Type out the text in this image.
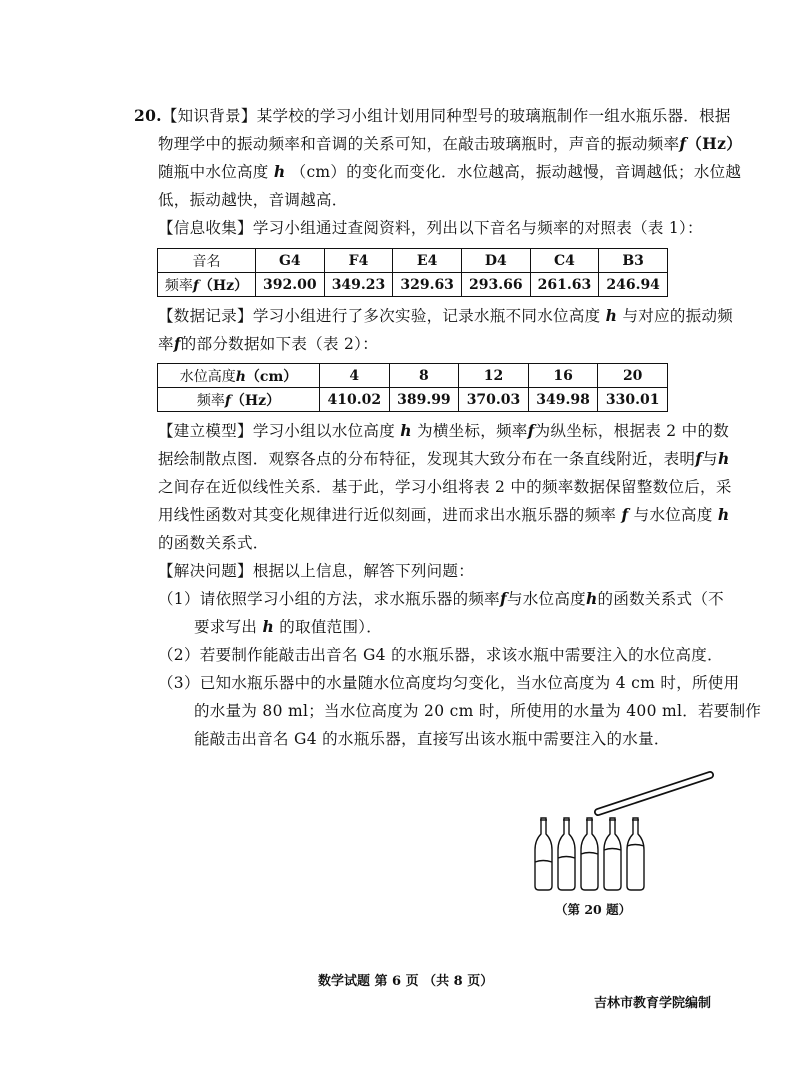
20.【知识背景】某学校的学习小组计划用同种型号的玻璃瓶制作一组水瓶乐器．根据
物理学中的振动频率和音调的关系可知，在敲击玻璃瓶时，声音的振动频率f（Hz）
随瓶中水位高度 h （cm）的变化而变化．水位越高，振动越慢，音调越低；水位越
低，振动越快，音调越高．
【信息收集】学习小组通过查阅资料，列出以下音名与频率的对照表（表 1）：
音名	G4	F4	E4	D4	C4	B3
频率f（Hz）	392.00	349.23	329.63	293.66	261.63	246.94
【数据记录】学习小组进行了多次实验，记录水瓶不同水位高度 h 与对应的振动频
率f的部分数据如下表（表 2）：
水位高度h（cm）	4	8	12	16	20
频率f（Hz）	410.02	389.99	370.03	349.98	330.01
【建立模型】学习小组以水位高度 h 为横坐标，频率f为纵坐标，根据表 2 中的数
据绘制散点图．观察各点的分布特征，发现其大致分布在一条直线附近，表明f与h
之间存在近似线性关系．基于此，学习小组将表 2 中的频率数据保留整数位后，采
用线性函数对其变化规律进行近似刻画，进而求出水瓶乐器的频率 f 与水位高度 h
的函数关系式．
【解决问题】根据以上信息，解答下列问题：
（1）请依照学习小组的方法，求水瓶乐器的频率f与水位高度h的函数关系式（不
要求写出 h 的取值范围）．
（2）若要制作能敲击出音名 G4 的水瓶乐器，求该水瓶中需要注入的水位高度．
（3）已知水瓶乐器中的水量随水位高度均匀变化，当水位高度为 4 cm 时，所使用
的水量为 80 ml；当水位高度为 20 cm 时，所使用的水量为 400 ml．若要制作
能敲击出音名 G4 的水瓶乐器，直接写出该水瓶中需要注入的水量．
（第 20 题）
数学试题 第 6 页 （共 8 页）
吉林市教育学院编制
